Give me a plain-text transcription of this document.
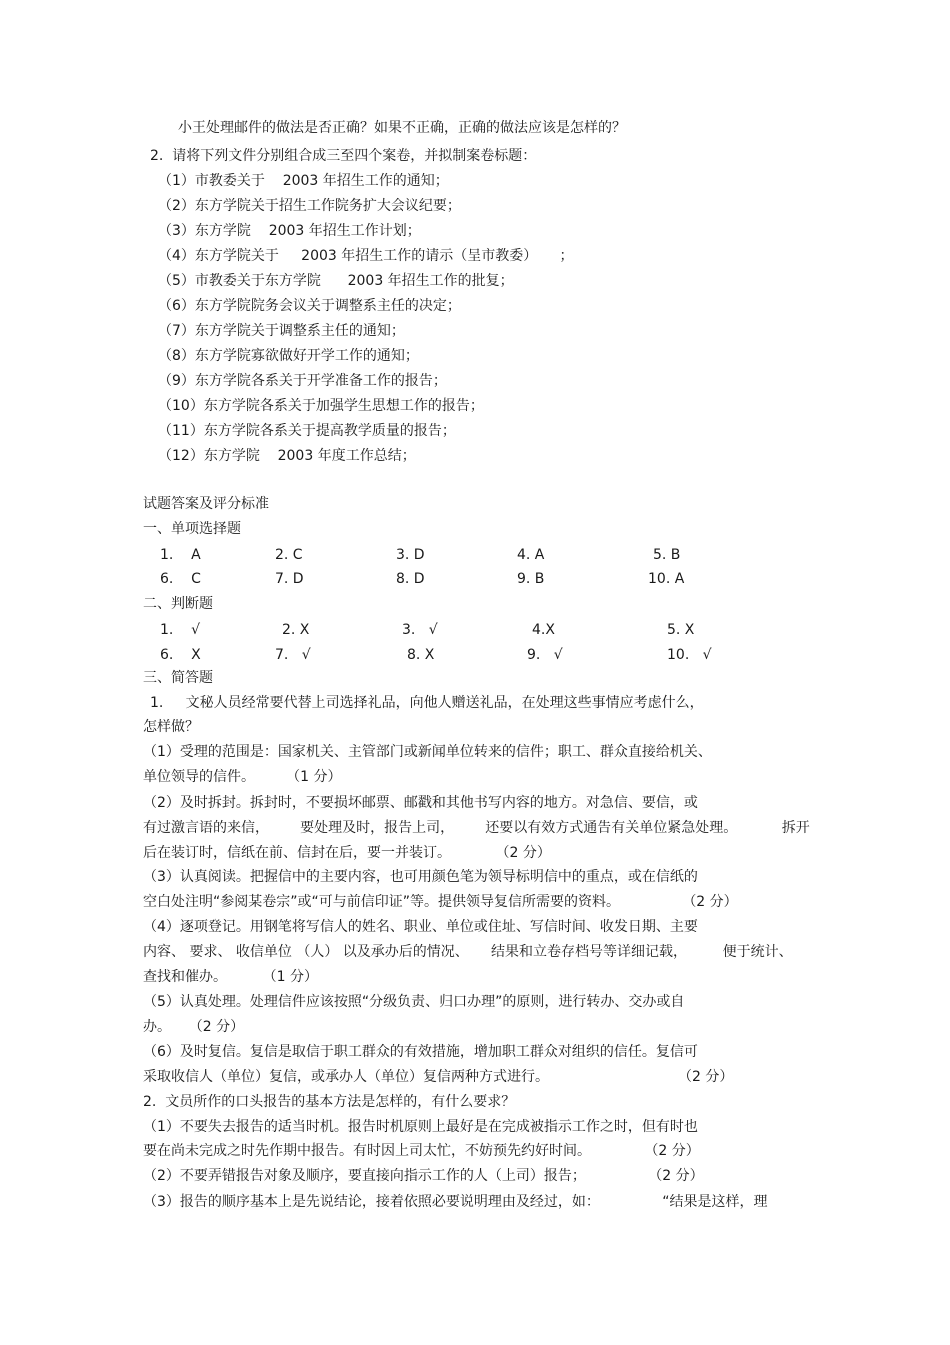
小王处理邮件的做法是否正确？如果不正确，正确的做法应该是怎样的？
2.  请将下列文件分别组合成三至四个案卷，并拟制案卷标题：
（1）市教委关于    2003 年招生工作的通知；
（2）东方学院关于招生工作院务扩大会议纪要；
（3）东方学院    2003 年招生工作计划；
（4）东方学院关于     2003 年招生工作的请示（呈市教委）     ；
（5）市教委关于东方学院      2003 年招生工作的批复；
（6）东方学院院务会议关于调整系主任的决定；
（7）东方学院关于调整系主任的通知；
（8）东方学院寡欲做好开学工作的通知；
（9）东方学院各系关于开学准备工作的报告；
（10）东方学院各系关于加强学生思想工作的报告；
（11）东方学院各系关于提高教学质量的报告；
（12）东方学院    2003 年度工作总结；
试题答案及评分标准
一、单项选择题
1.    A	2. C	3. D	4. A	5. B
6.    C	7. D	8. D	9. B	10. A
二、判断题
1.    √	2. X	3.   √	4.X	5. X
6.    X	7.   √	8. X	9.   √	10.   √
三、简答题
1.     文秘人员经常要代替上司选择礼品，向他人赠送礼品，在处理这些事情应考虑什么，
怎样做？
（1）受理的范围是：国家机关、主管部门或新闻单位转来的信件；职工、群众直接给机关、
单位领导的信件。       （1 分）
（2）及时拆封。拆封时，不要损坏邮票、邮戳和其他书写内容的地方。对急信、要信，或
有过激言语的来信，       要处理及时，报告上司，       还要以有效方式通告有关单位紧急处理。          拆开
后在装订时，信纸在前、信封在后，要一并装订。          （2 分）
（3）认真阅读。把握信中的主要内容，也可用颜色笔为领导标明信中的重点，或在信纸的
空白处注明“参阅某卷宗”或“可与前信印证”等。提供领导复信所需要的资料。              （2 分）
（4）逐项登记。用钢笔将写信人的姓名、职业、单位或住址、写信时间、收发日期、主要
内容、 要求、 收信单位 （人） 以及承办后的情况、     结果和立卷存档号等详细记载，        便于统计、
查找和催办。        （1 分）
（5）认真处理。处理信件应该按照“分级负责、归口办理”的原则，进行转办、交办或自
办。    （2 分）
（6）及时复信。复信是取信于职工群众的有效措施，增加职工群众对组织的信任。复信可
采取收信人（单位）复信，或承办人（单位）复信两种方式进行。                             （2 分）
2.  文员所作的口头报告的基本方法是怎样的，有什么要求？
（1）不要失去报告的适当时机。报告时机原则上最好是在完成被指示工作之时，但有时也
要在尚未完成之时先作期中报告。有时因上司太忙，不妨预先约好时间。            （2 分）
（2）不要弄错报告对象及顺序，要直接向指示工作的人（上司）报告；              （2 分）
（3）报告的顺序基本上是先说结论，接着依照必要说明理由及经过，如：              “结果是这样，理
